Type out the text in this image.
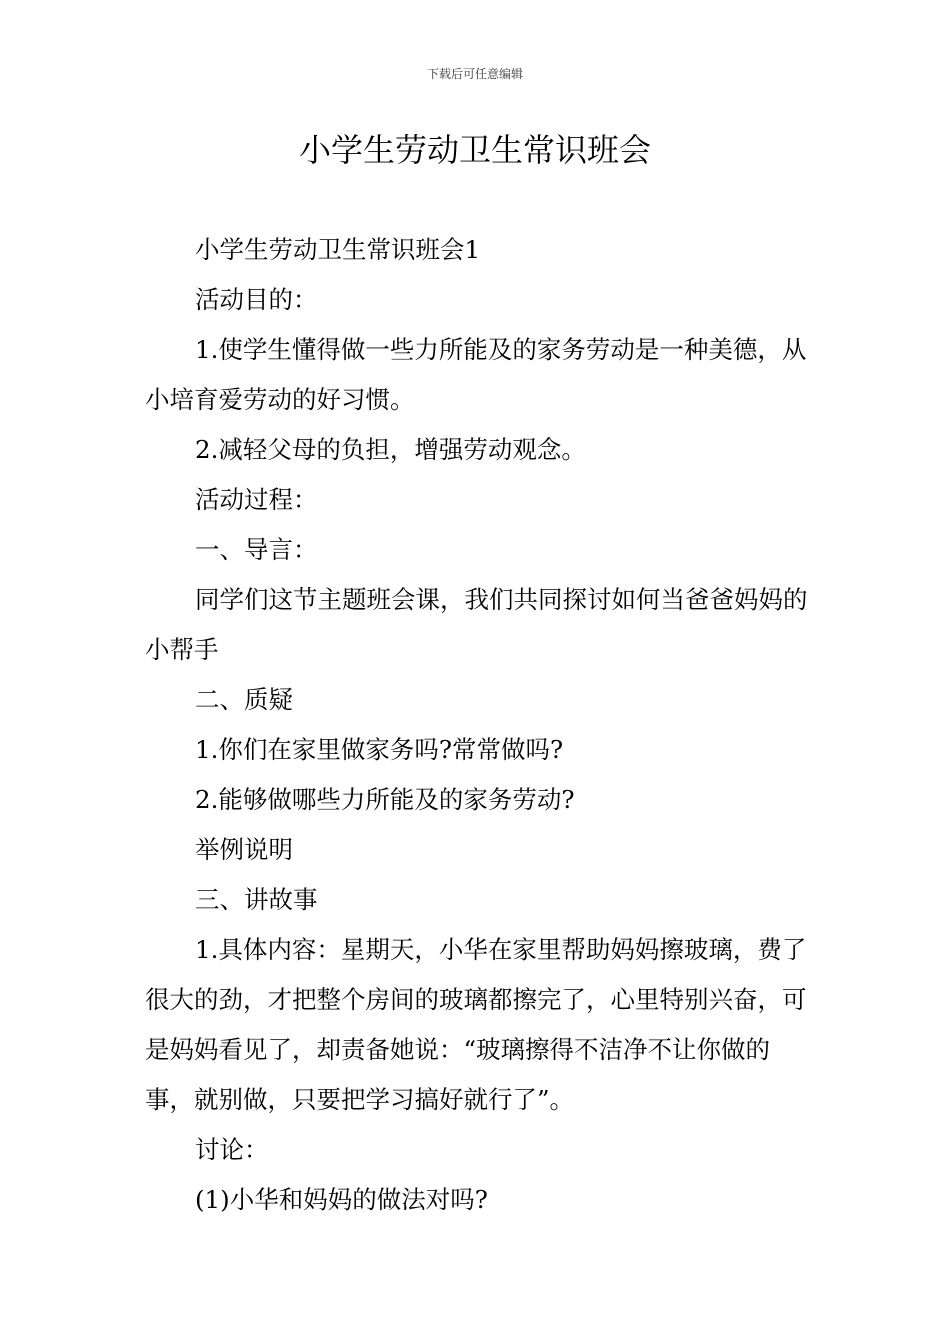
下载后可任意编辑
小学生劳动卫生常识班会

小学生劳动卫生常识班会1

活动目的：

1.使学生懂得做一些力所能及的家务劳动是一种美德，从小培育爱劳动的好习惯。

2.减轻父母的负担，增强劳动观念。

活动过程：

一、导言：

同学们这节主题班会课，我们共同探讨如何当爸爸妈妈的小帮手

二、质疑

1.你们在家里做家务吗?常常做吗?

2.能够做哪些力所能及的家务劳动?

举例说明

三、讲故事

1.具体内容：星期天，小华在家里帮助妈妈擦玻璃，费了很大的劲，才把整个房间的玻璃都擦完了，心里特别兴奋，可是妈妈看见了，却责备她说：“玻璃擦得不洁净不让你做的事，就别做，只要把学习搞好就行了”。

讨论：

(1)小华和妈妈的做法对吗?
